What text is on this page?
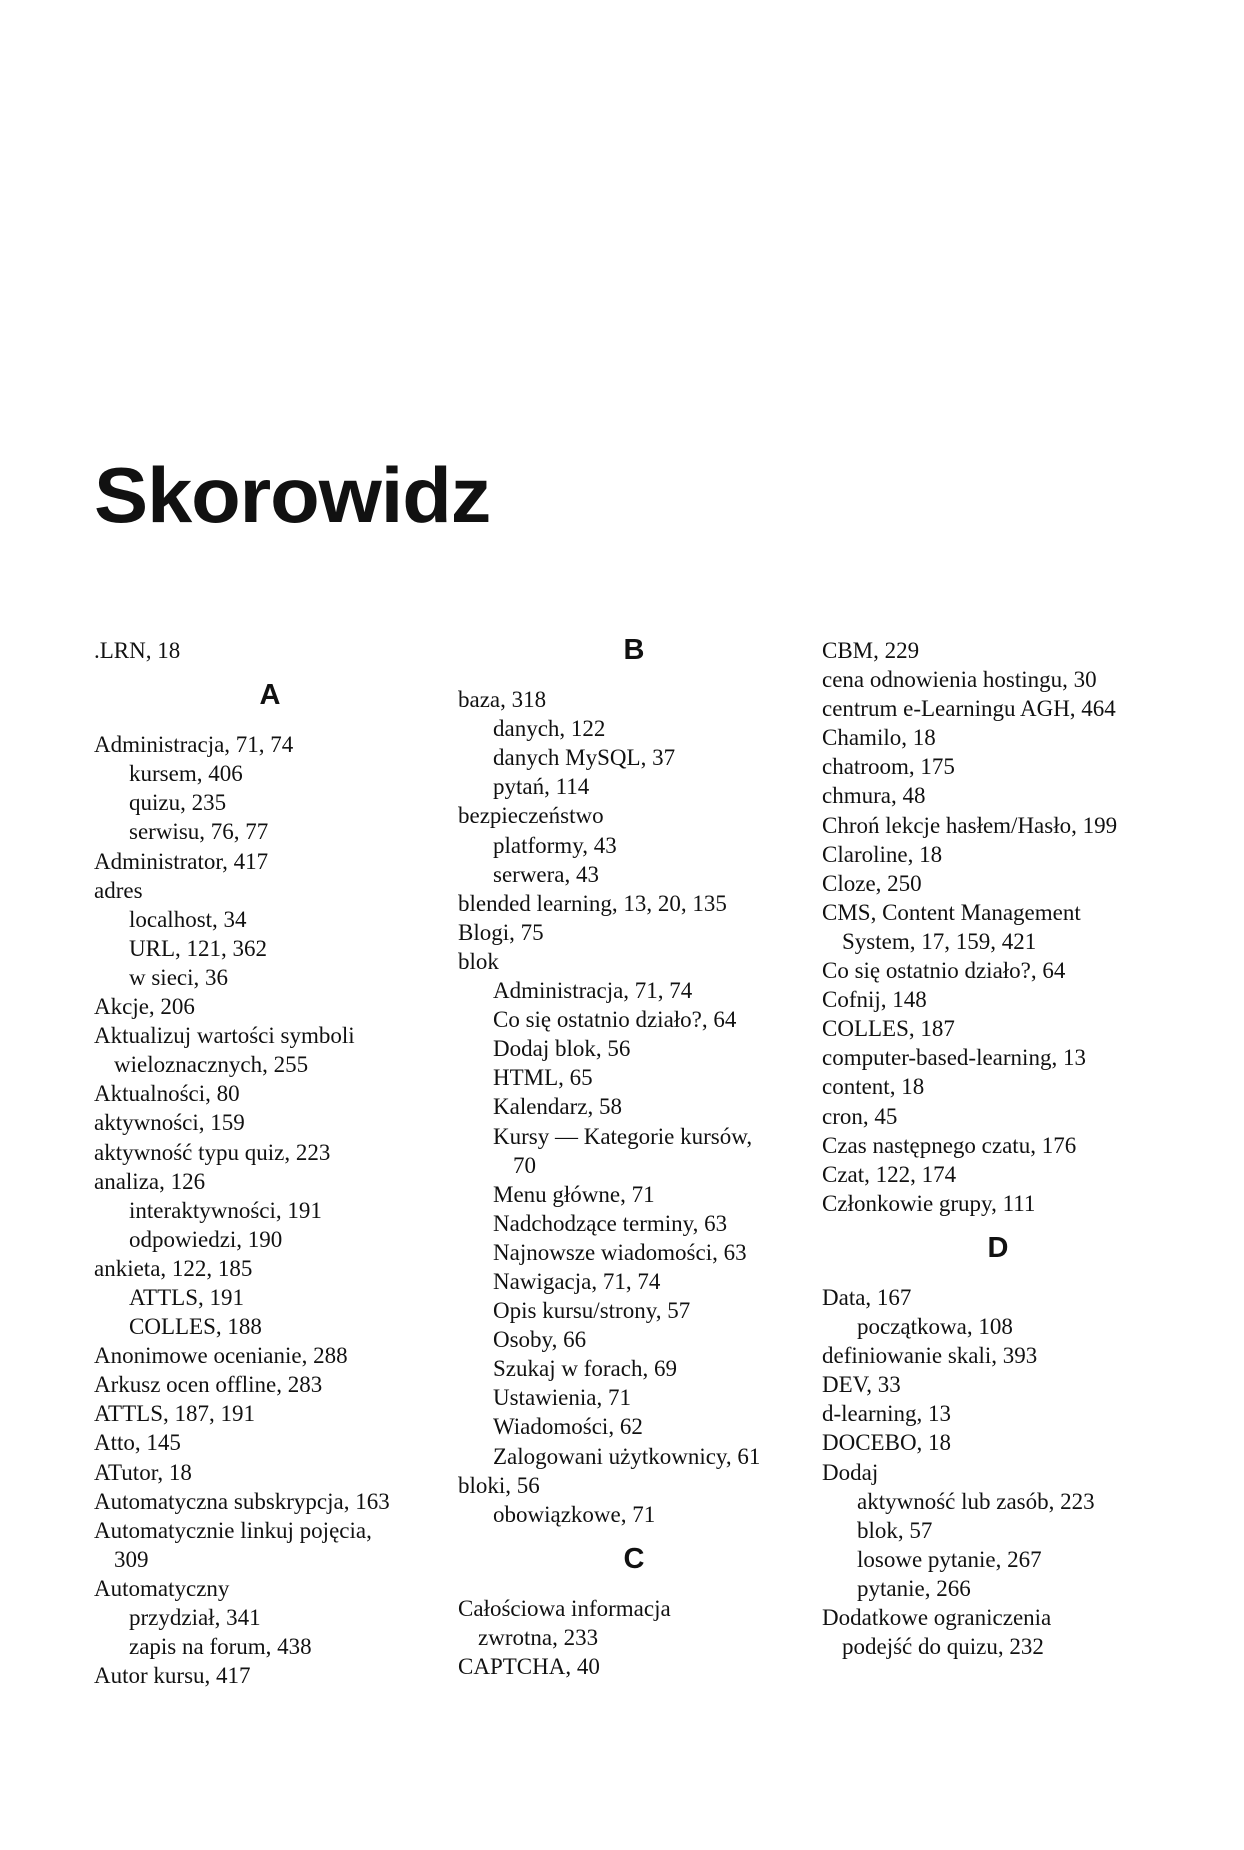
Skorowidz
.LRN, 18
A
Administracja, 71, 74
kursem, 406
quizu, 235
serwisu, 76, 77
Administrator, 417
adres
localhost, 34
URL, 121, 362
w sieci, 36
Akcje, 206
Aktualizuj wartości symboli
wieloznacznych, 255
Aktualności, 80
aktywności, 159
aktywność typu quiz, 223
analiza, 126
interaktywności, 191
odpowiedzi, 190
ankieta, 122, 185
ATTLS, 191
COLLES, 188
Anonimowe ocenianie, 288
Arkusz ocen offline, 283
ATTLS, 187, 191
Atto, 145
ATutor, 18
Automatyczna subskrypcja, 163
Automatycznie linkuj pojęcia,
309
Automatyczny
przydział, 341
zapis na forum, 438
Autor kursu, 417
B
baza, 318
danych, 122
danych MySQL, 37
pytań, 114
bezpieczeństwo
platformy, 43
serwera, 43
blended learning, 13, 20, 135
Blogi, 75
blok
Administracja, 71, 74
Co się ostatnio działo?, 64
Dodaj blok, 56
HTML, 65
Kalendarz, 58
Kursy — Kategorie kursów,
70
Menu główne, 71
Nadchodzące terminy, 63
Najnowsze wiadomości, 63
Nawigacja, 71, 74
Opis kursu/strony, 57
Osoby, 66
Szukaj w forach, 69
Ustawienia, 71
Wiadomości, 62
Zalogowani użytkownicy, 61
bloki, 56
obowiązkowe, 71
C
Całościowa informacja
zwrotna, 233
CAPTCHA, 40
CBM, 229
cena odnowienia hostingu, 30
centrum e-Learningu AGH, 464
Chamilo, 18
chatroom, 175
chmura, 48
Chroń lekcje hasłem/Hasło, 199
Claroline, 18
Cloze, 250
CMS, Content Management
System, 17, 159, 421
Co się ostatnio działo?, 64
Cofnij, 148
COLLES, 187
computer-based-learning, 13
content, 18
cron, 45
Czas następnego czatu, 176
Czat, 122, 174
Członkowie grupy, 111
D
Data, 167
początkowa, 108
definiowanie skali, 393
DEV, 33
d-learning, 13
DOCEBO, 18
Dodaj
aktywność lub zasób, 223
blok, 57
losowe pytanie, 267
pytanie, 266
Dodatkowe ograniczenia
podejść do quizu, 232
